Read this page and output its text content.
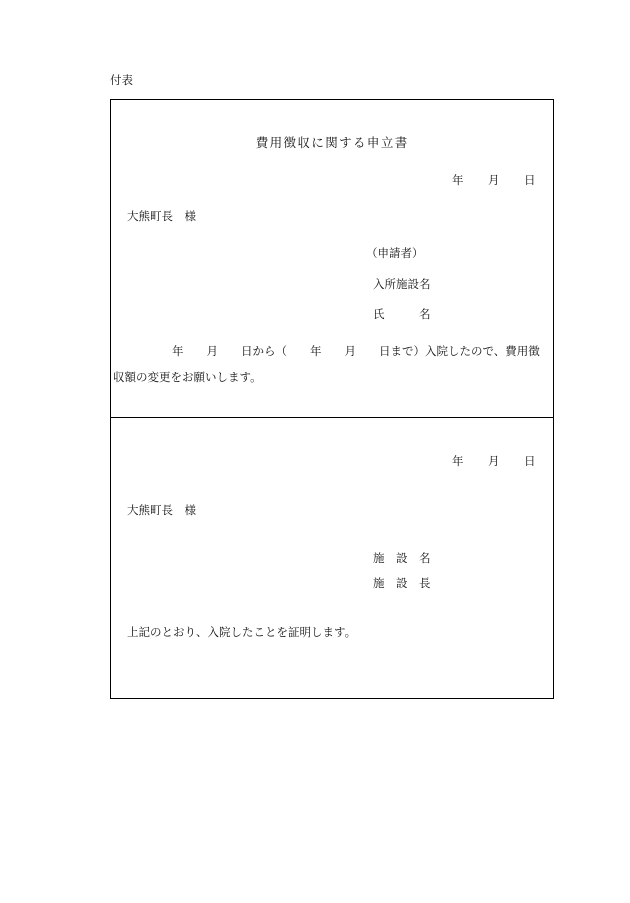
付表
費用徴収に関する申立書
年　　月　　日
大熊町長　様
（申請者）
入所施設名
氏　　　名
年　　月　　日から（　　年　　月　　日まで）入院したので、費用徴
収額の変更をお願いします。
年　　月　　日
大熊町長　様
施　設　名
施　設　長
上記のとおり、入院したことを証明します。
